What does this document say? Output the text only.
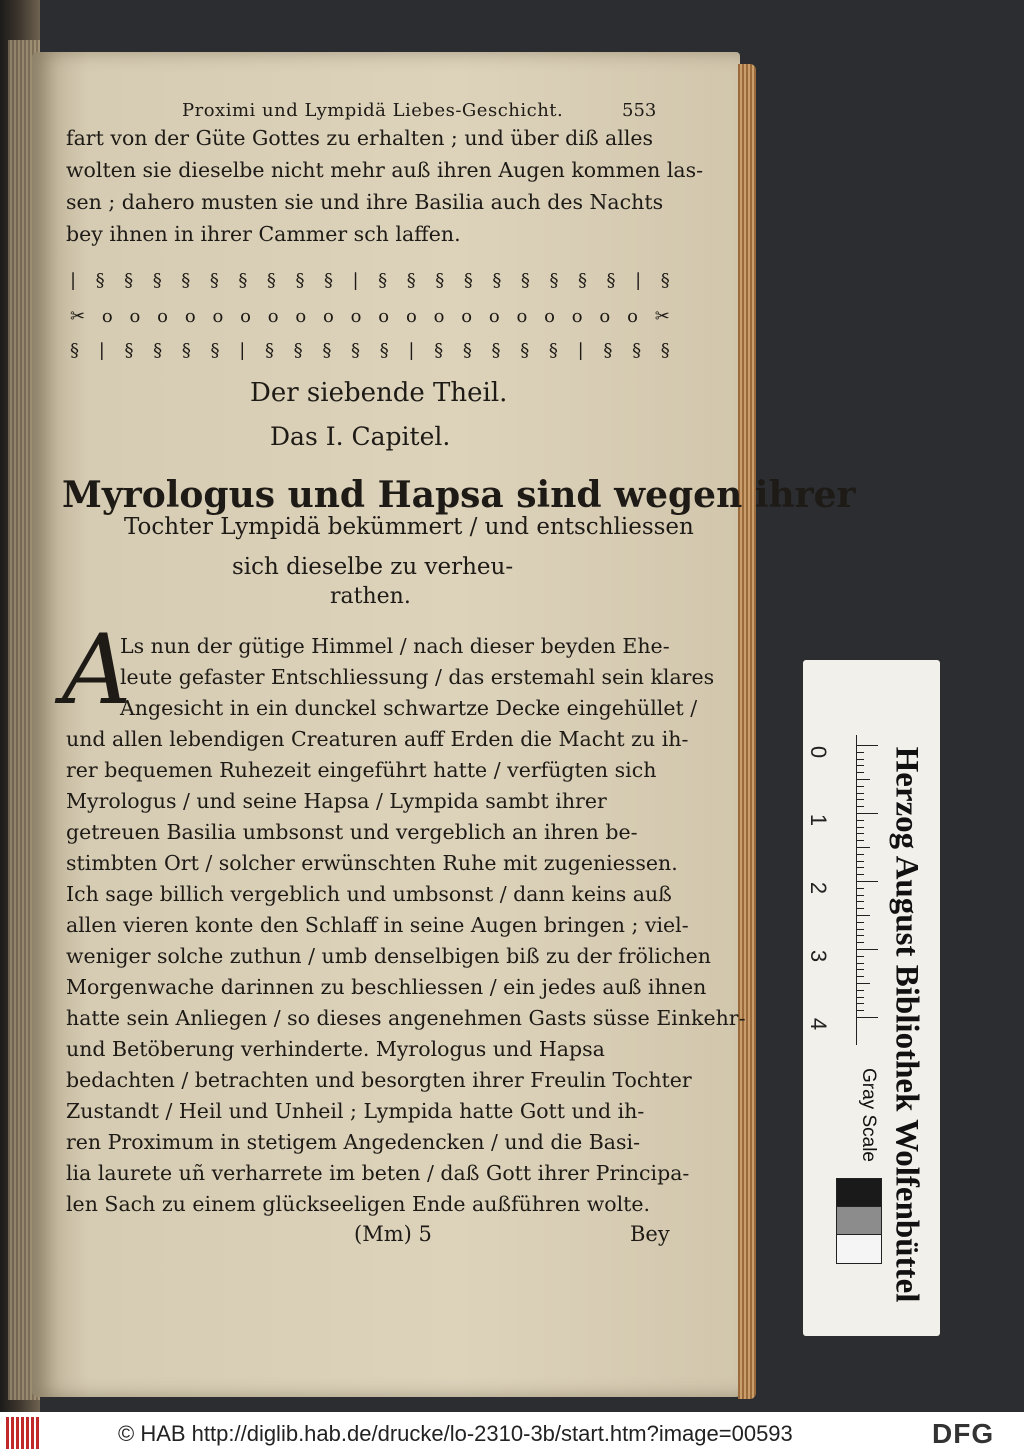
Proximi und Lympidä Liebes-Geschicht.	553
fart von der Güte Gottes zu erhalten ; und über diß alles
wolten sie dieselbe nicht mehr auß ihren Augen kommen las-
sen ; dahero musten sie und ihre Basilia auch des Nachts
bey ihnen in ihrer Cammer sch laffen.
| § § § § § § § § § | § § § § § § § § § | §
✂ o o o o o o o o o o o o o o o o o o o o ✂
§ | § § § § | § § § § § | § § § § § | § § §
Der siebende Theil.
Das I. Capitel.
Myrologus und Hapsa sind wegen ihrer
Tochter Lympidä bekümmert / und entschliessen
sich dieselbe zu verheu-
rathen.
A
Ls nun der gütige Himmel / nach dieser beyden Ehe-
leute gefaster Entschliessung / das erstemahl sein klares
Angesicht in ein dunckel schwartze Decke eingehüllet /
und allen lebendigen Creaturen auff Erden die Macht zu ih-
rer bequemen Ruhezeit eingeführt hatte / verfügten sich
Myrologus / und seine Hapsa / Lympida sambt ihrer
getreuen Basilia umbsonst und vergeblich an ihren be-
stimbten Ort / solcher erwünschten Ruhe mit zugeniessen.
Ich sage billich vergeblich und umbsonst / dann keins auß
allen vieren konte den Schlaff in seine Augen bringen ; viel-
weniger solche zuthun / umb denselbigen biß zu der frölichen
Morgenwache darinnen zu beschliessen / ein jedes auß ihnen
hatte sein Anliegen / so dieses angenehmen Gasts süsse Einkehr-
und Betöberung verhinderte. Myrologus und Hapsa
bedachten / betrachten und besorgten ihrer Freulin Tochter
Zustandt / Heil und Unheil ; Lympida hatte Gott und ih-
ren Proximum in stetigem Angedencken / und die Basi-
lia laurete uñ verharrete im beten / daß Gott ihrer Principa-
len Sach zu einem glückseeligen Ende außführen wolte.
(Mm) 5	Bey
0
1
2
3
4 Herzog August Bibliothek Wolfenbüttel
Gray Scale
© HAB http://diglib.hab.de/drucke/lo-2310-3b/start.htm?image=00593	DFG
